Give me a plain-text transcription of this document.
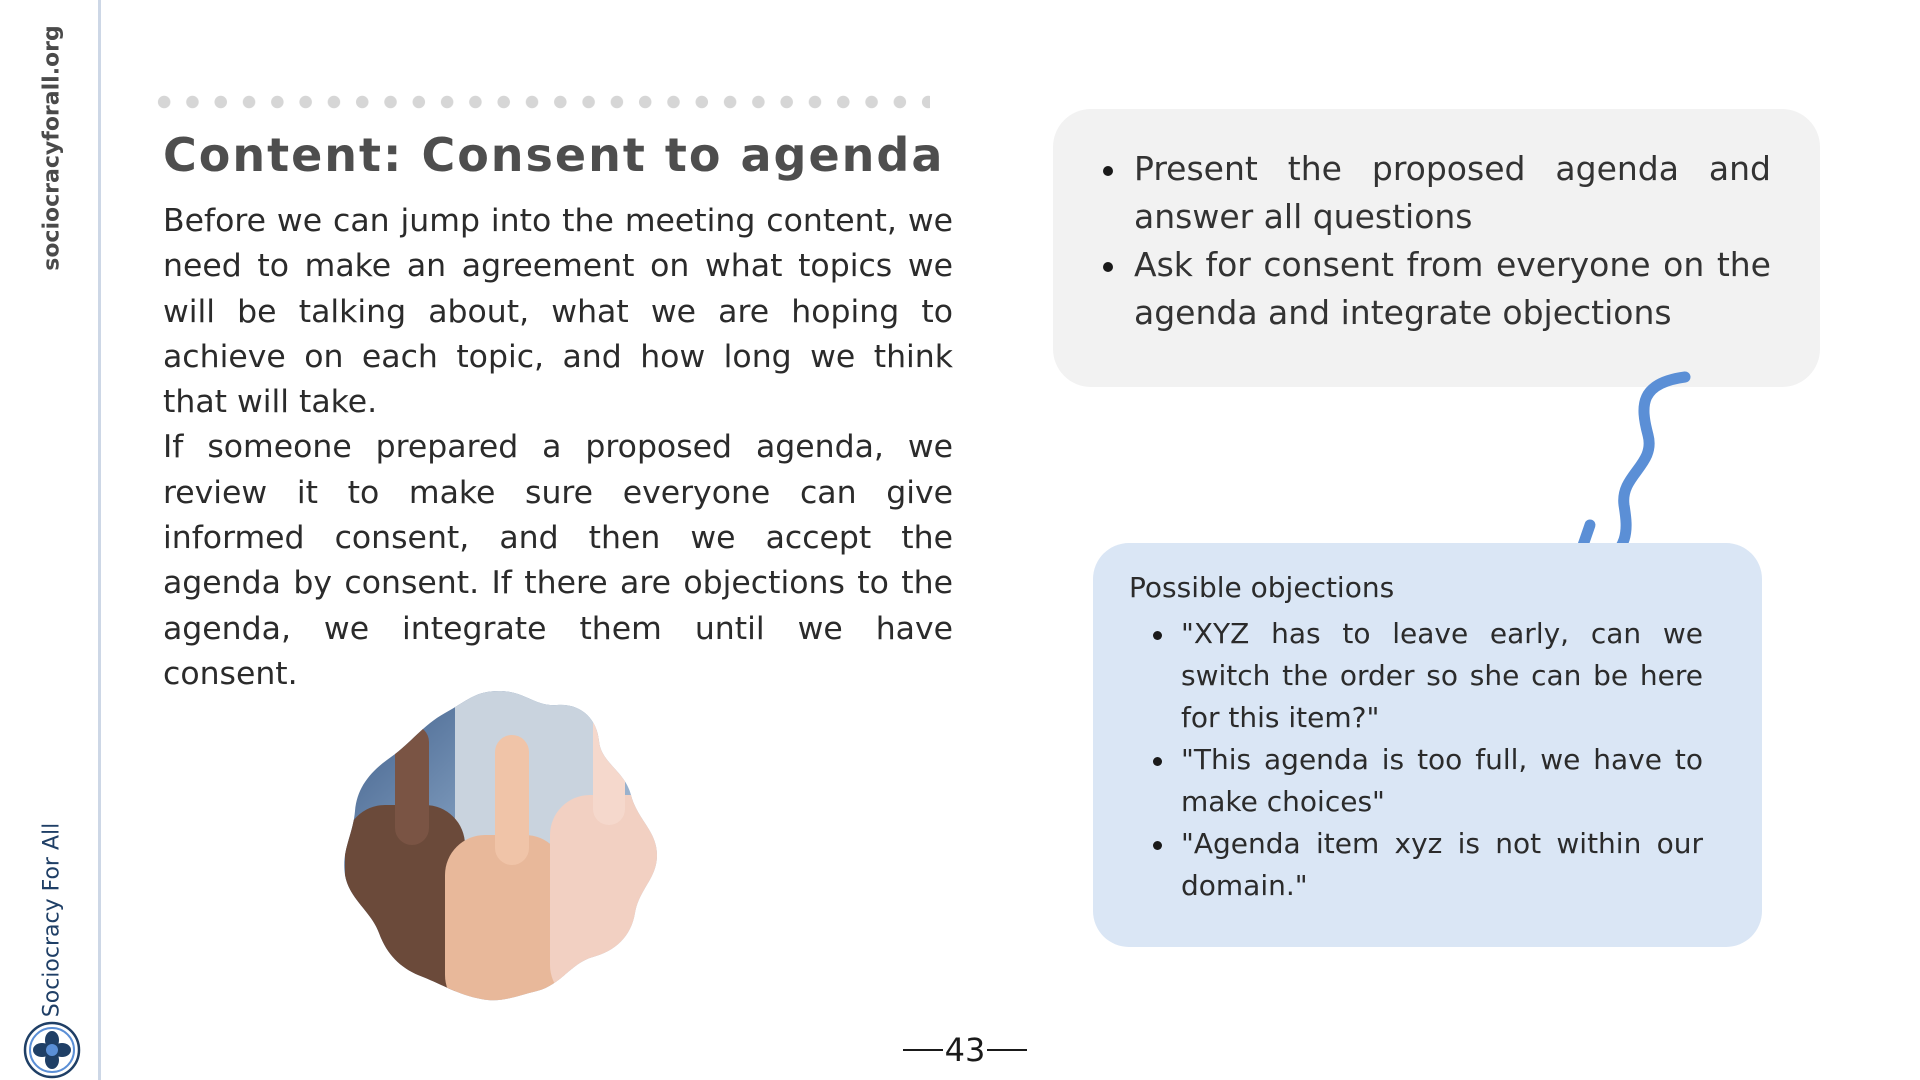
sociocracyforall.org
Sociocracy For All
Content: Consent to agenda

Before we can jump into the meeting content, we need to make an agreement on what topics we will be talking about, what we are hoping to achieve on each topic, and how long we think that will take.

If someone prepared a proposed agenda, we review it to make sure everyone can give informed consent, and then we accept the agenda by consent. If there are objections to the agenda, we integrate them until we have consent.

Present the proposed agenda and answer all questions
Ask for consent from everyone on the agenda and integrate objections
Possible objections
"XYZ has to leave early, can we switch the order so she can be here for this item?"
"This agenda is too full, we have to make choices"
"Agenda item xyz is not within our domain."
43
